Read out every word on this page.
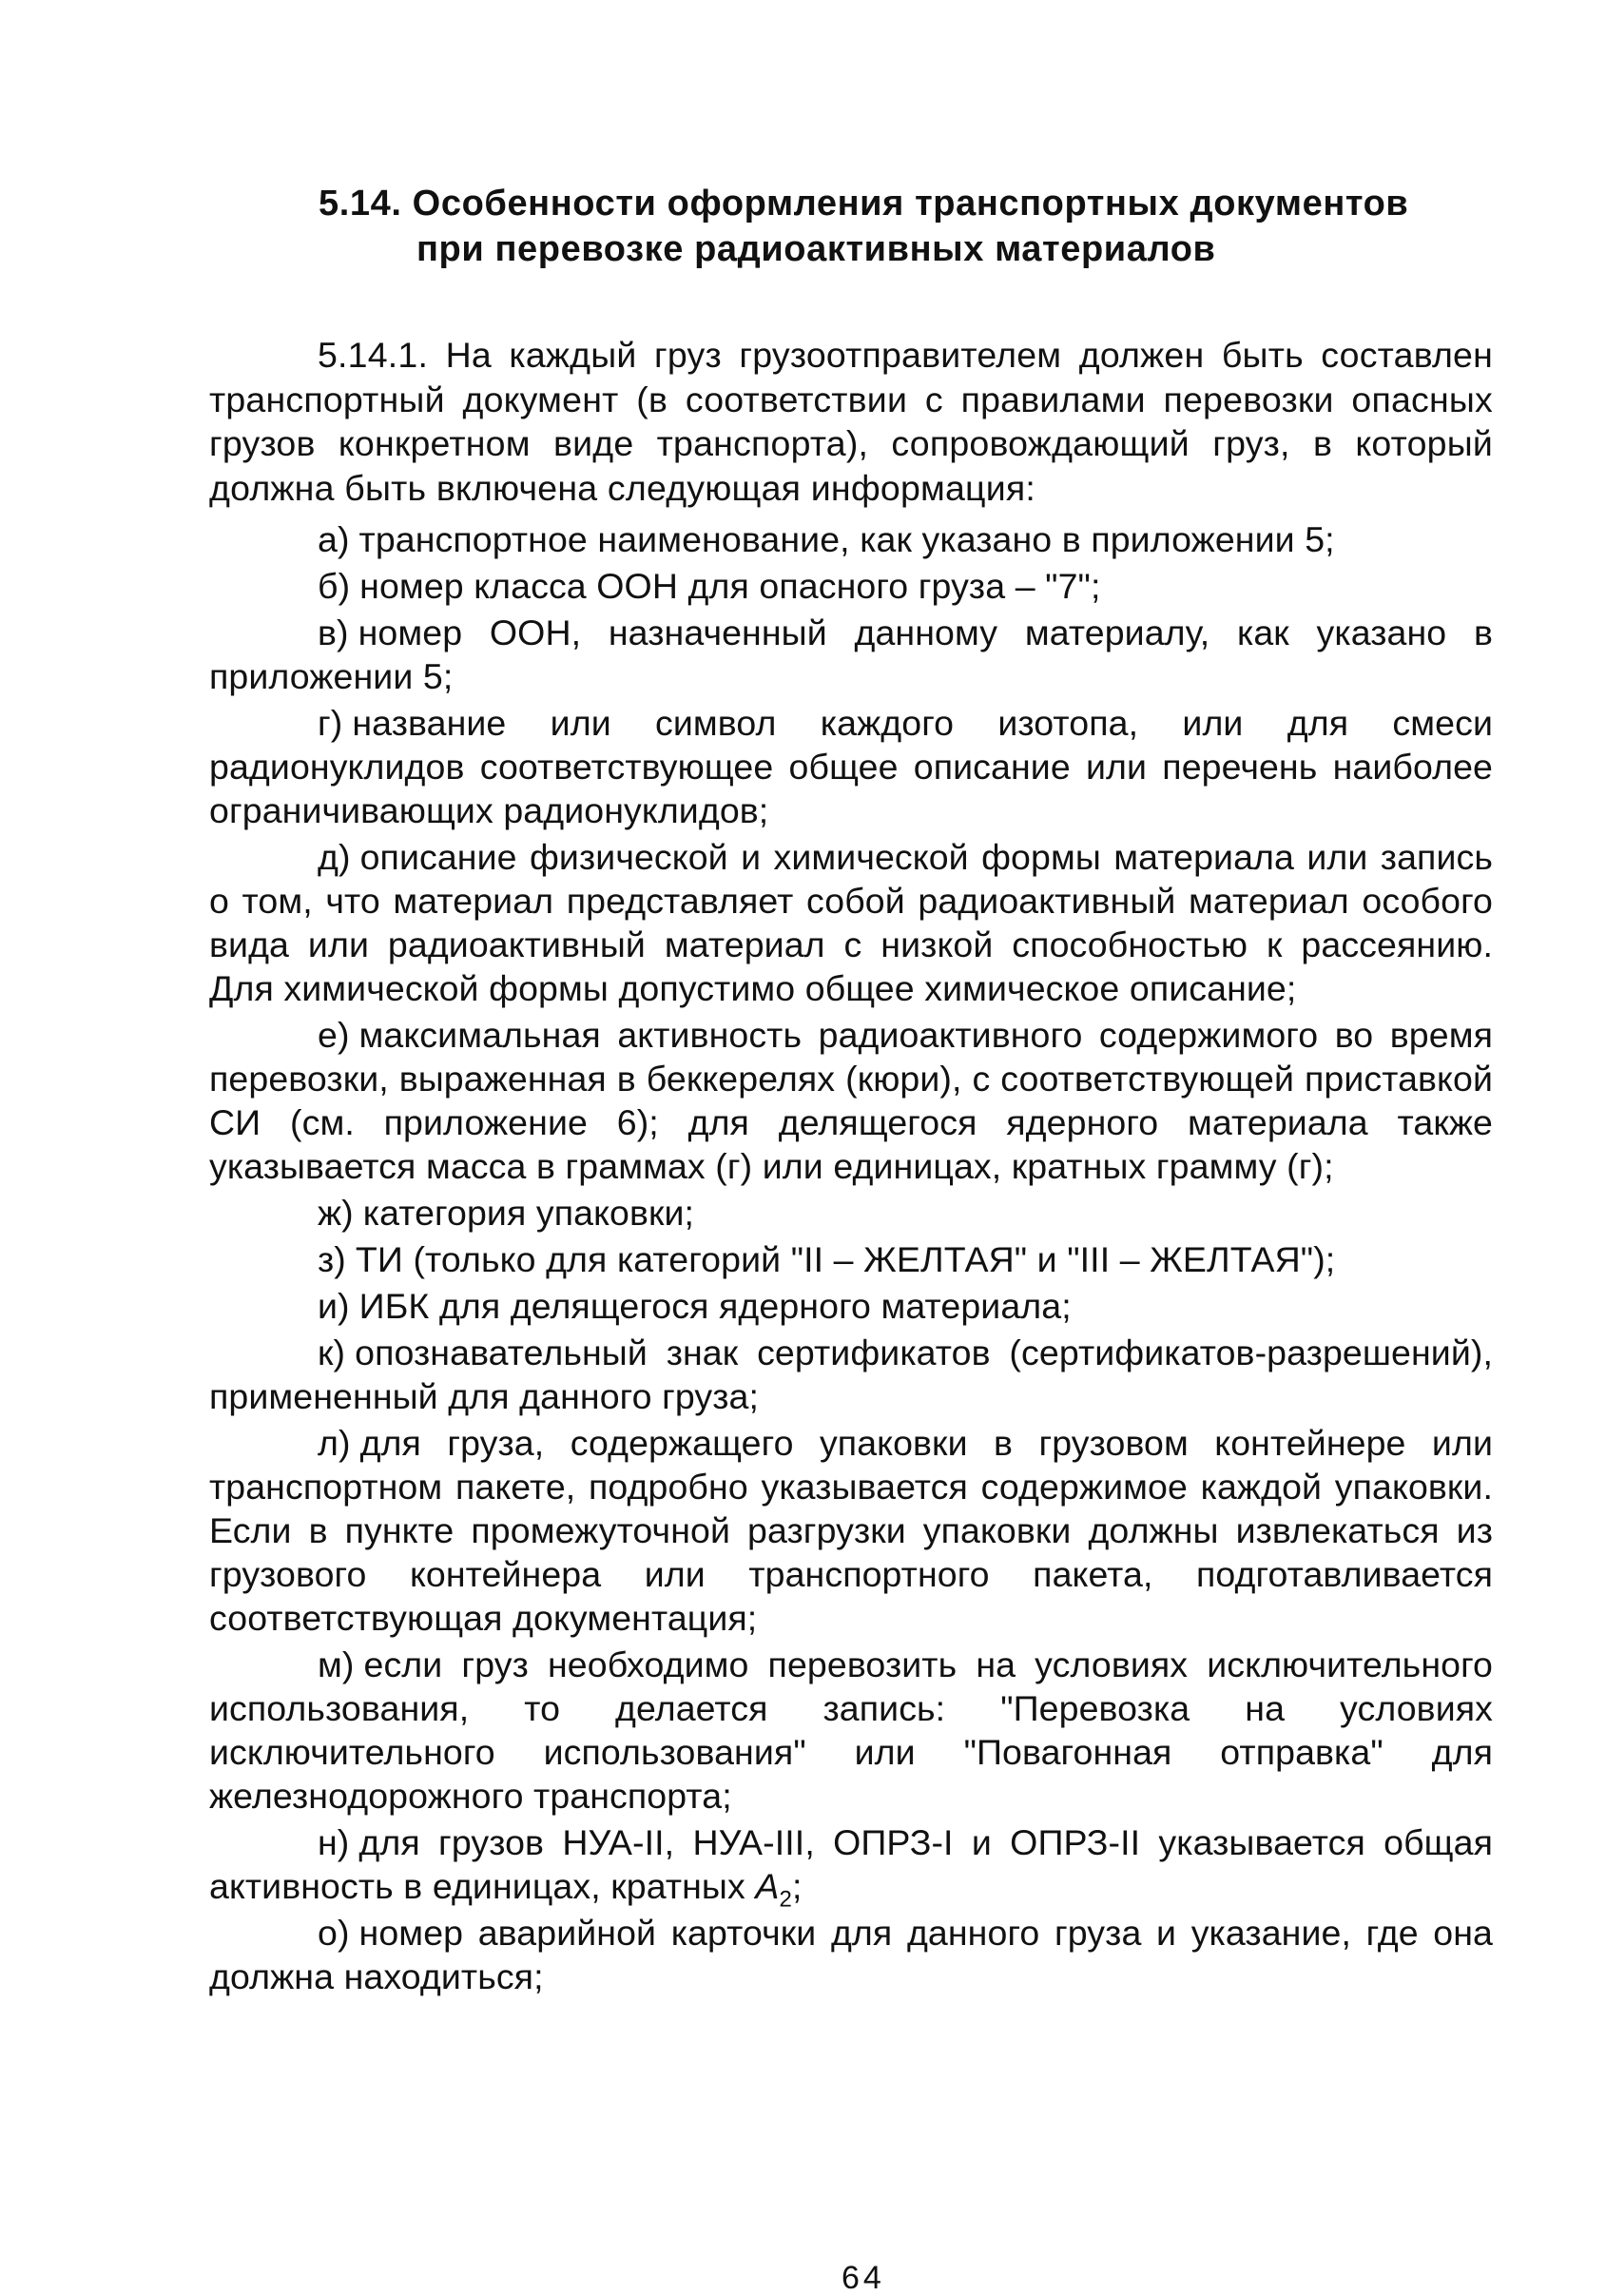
5.14. Особенности оформления транспортных документов
при перевозке радиоактивных материалов

5.14.1. На каждый груз грузоотправителем должен быть составлен транспортный документ (в соответствии с правилами перевозки опасных грузов конкретном виде транспорта), сопровождающий груз, в который должна быть включена следующая информация:

а) транспортное наименование, как указано в приложении 5;
б) номер класса ООН для опасного груза – "7";
в) номер ООН, назначенный данному материалу, как указано в приложении 5;
г) название или символ каждого изотопа, или для смеси радионуклидов соответствующее общее описание или перечень наиболее ограничивающих радионуклидов;
д) описание физической и химической формы материала или запись о том, что материал представляет собой радиоактивный материал особого вида или радиоактивный материал с низкой способностью к рассеянию. Для химической формы допустимо общее химическое описание;
е) максимальная активность радиоактивного содержимого во время перевозки, выраженная в беккерелях (кюри), с соответствующей приставкой СИ (см. приложение 6); для делящегося ядерного материала также указывается масса в граммах (г) или единицах, кратных грамму (г);
ж) категория упаковки;
з) ТИ (только для категорий "II – ЖЕЛТАЯ" и "III – ЖЕЛТАЯ");
и) ИБК для делящегося ядерного материала;
к) опознавательный знак сертификатов (сертификатов-разрешений), примененный для данного груза;
л) для груза, содержащего упаковки в грузовом контейнере или транспортном пакете, подробно указывается содержимое каждой упаковки. Если в пункте промежуточной разгрузки упаковки должны извлекаться из грузового контейнера или транспортного пакета, подготавливается соответствующая документация;
м) если груз необходимо перевозить на условиях исключительного использования, то делается запись: "Перевозка на условиях исключительного использования" или "Повагонная отправка" для железнодорожного транспорта;
н) для грузов НУА-II, НУА-III, ОПРЗ-I и ОПРЗ-II указывается общая активность в единицах, кратных $A_2$;
о) номер аварийной карточки для данного груза и указание, где она должна находиться;
64
